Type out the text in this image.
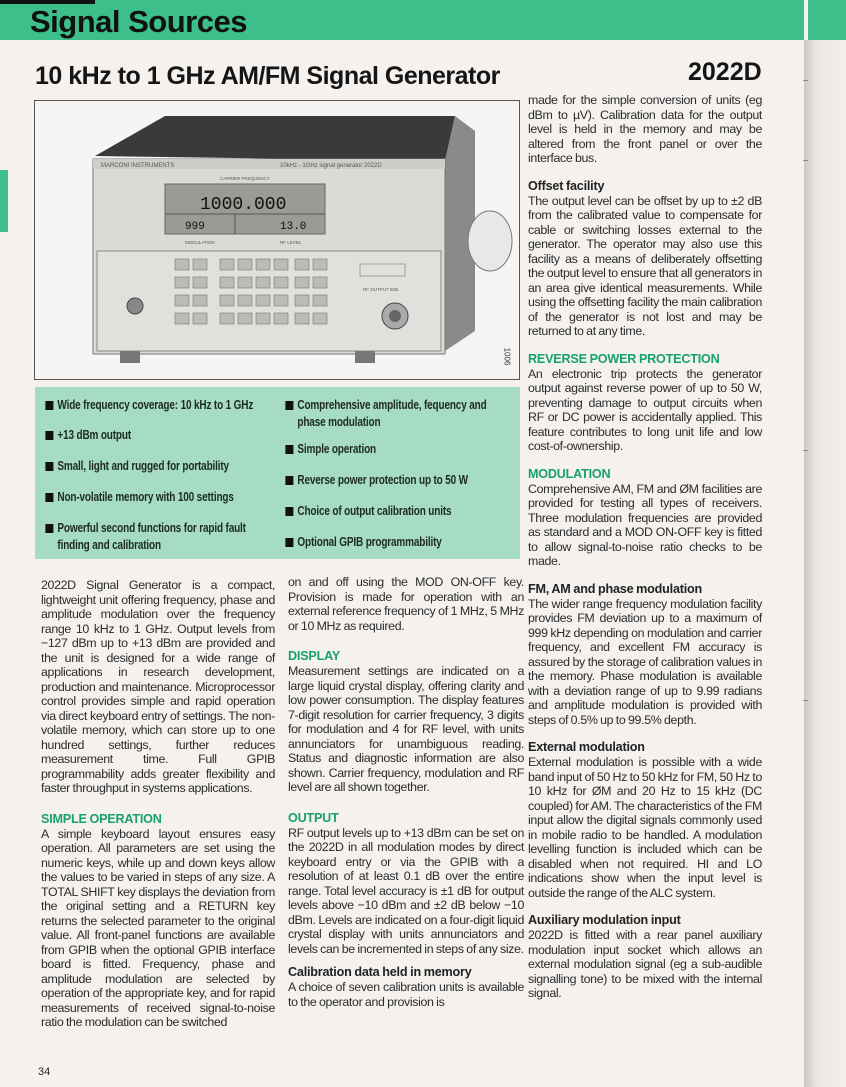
Signal Sources
10 kHz to 1 GHz AM/FM Signal Generator	2022D
MARCONI INSTRUMENTS	10kHz - 1GHz signal generator 2022D
CARRIER FREQUENCY
1000.000
999	13.0
MODULATION	RF LEVEL
RF OUTPUT 50Ω
1006
Wide frequency coverage: 10 kHz to 1 GHz
+13 dBm output
Small, light and rugged for portability
Non-volatile memory with 100 settings
Powerful second functions for rapid fault finding and calibration
Comprehensive amplitude, fequency and phase modulation
Simple operation
Reverse power protection up to 50 W
Choice of output calibration units
Optional GPIB programmability

2022D Signal Generator is a compact, lightweight unit offering frequency, phase and amplitude modulation over the frequency range 10 kHz to 1 GHz. Output levels from −127 dBm up to +13 dBm are provided and the unit is designed for a wide range of applications in research development, production and maintenance. Microprocessor control provides simple and rapid operation via direct keyboard entry of settings. The non-volatile memory, which can store up to one hundred settings, further reduces measurement time. Full GPIB programmability adds greater flexibility and faster throughput in systems applications.

SIMPLE OPERATION

A simple keyboard layout ensures easy operation. All parameters are set using the numeric keys, while up and down keys allow the values to be varied in steps of any size. A TOTAL SHIFT key displays the deviation from the original setting and a RETURN key returns the selected parameter to the original value. All front-panel functions are available from GPIB when the optional GPIB interface board is fitted. Frequency, phase and amplitude modulation are selected by operation of the appropriate key, and for rapid measurements of received signal-to-noise ratio the modulation can be switched

on and off using the MOD ON-OFF key. Provision is made for operation with an external reference frequency of 1 MHz, 5 MHz or 10 MHz as required.

DISPLAY

Measurement settings are indicated on a large liquid crystal display, offering clarity and low power consumption. The display features 7-digit resolution for carrier frequency, 3 digits for modulation and 4 for RF level, with units annunciators for unambiguous reading. Status and diagnostic information are also shown. Carrier frequency, modulation and RF level are all shown together.

OUTPUT

RF output levels up to +13 dBm can be set on the 2022D in all modulation modes by direct keyboard entry or via the GPIB with a resolution of at least 0.1 dB over the entire range. Total level accuracy is ±1 dB for output levels above −10 dBm and ±2 dB below −10 dBm. Levels are indicated on a four-digit liquid crystal display with units annunciators and levels can be incremented in steps of any size.

Calibration data held in memory

A choice of seven calibration units is available to the operator and provision is

made for the simple conversion of units (eg dBm to µV). Calibration data for the output level is held in the memory and may be altered from the front panel or over the interface bus.

Offset facility

The output level can be offset by up to ±2 dB from the calibrated value to compensate for cable or switching losses external to the generator. The operator may also use this facility as a means of deliberately offsetting the output level to ensure that all generators in an area give identical measurements. While using the offsetting facility the main calibration of the generator is not lost and may be returned to at any time.

REVERSE POWER PROTECTION

An electronic trip protects the generator output against reverse power of up to 50 W, preventing damage to output circuits when RF or DC power is accidentally applied. This feature contributes to long unit life and low cost-of-ownership.

MODULATION

Comprehensive AM, FM and ØM facilities are provided for testing all types of receivers. Three modulation frequencies are provided as standard and a MOD ON-OFF key is fitted to allow signal-to-noise ratio checks to be made.

FM, AM and phase modulation

The wider range frequency modulation facility provides FM deviation up to a maximum of 999 kHz depending on modulation and carrier frequency, and excellent FM accuracy is assured by the storage of calibration values in the memory. Phase modulation is available with a deviation range of up to 9.99 radians and amplitude modulation is provided with steps of 0.5% up to 99.5% depth.

External modulation

External modulation is possible with a wide band input of 50 Hz to 50 kHz for FM, 50 Hz to 10 kHz for ØM and 20 Hz to 15 kHz (DC coupled) for AM. The characteristics of the FM input allow the digital signals commonly used in mobile radio to be handled. A modulation levelling function is included which can be disabled when not required. HI and LO indications show when the input level is outside the range of the ALC system.

Auxiliary modulation input

2022D is fitted with a rear panel auxiliary modulation input socket which allows an external modulation signal (eg a sub-audible signalling tone) to be mixed with the internal signal.

34
